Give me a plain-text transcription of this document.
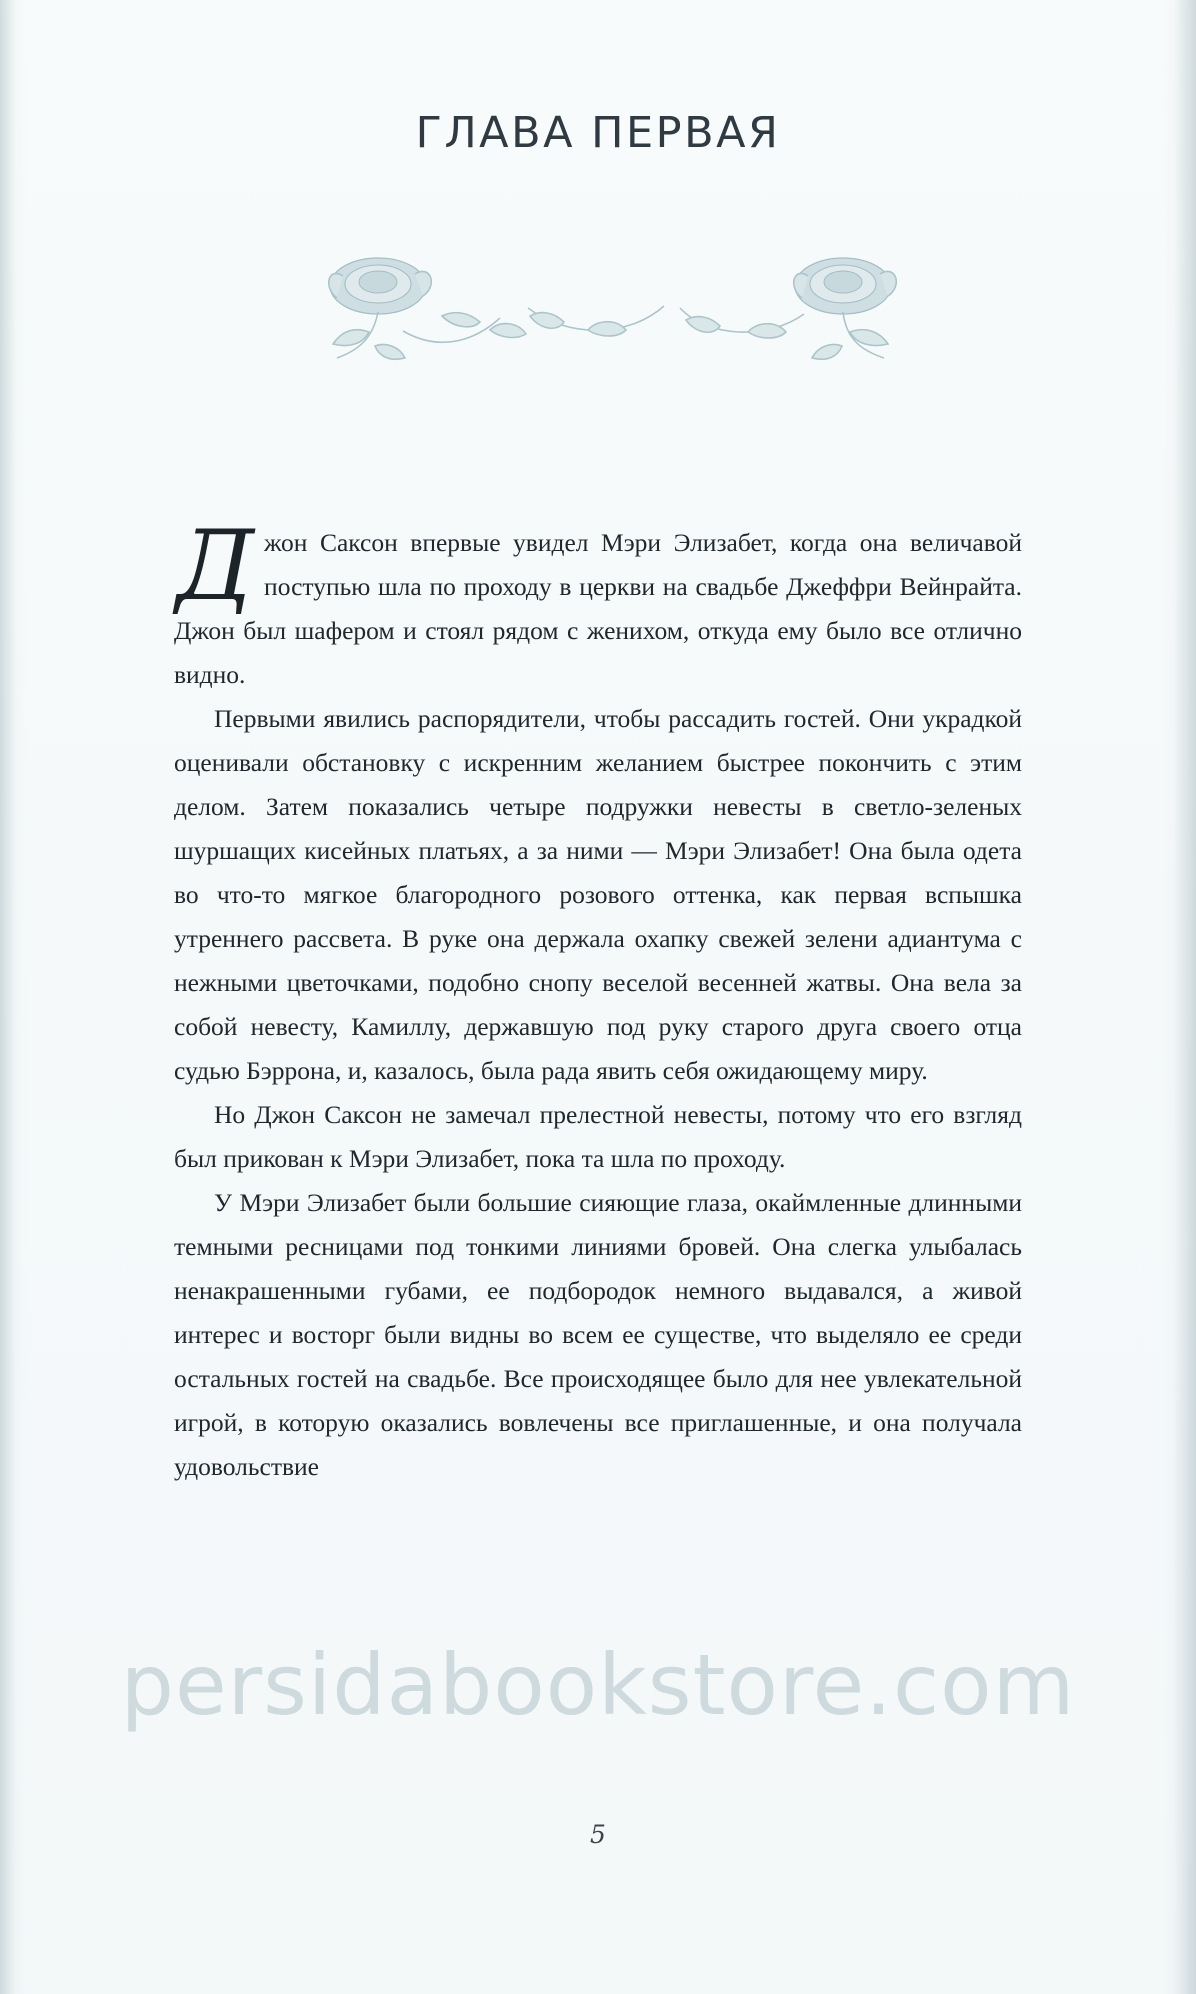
ГЛАВА ПЕРВАЯ

Джон Саксон впервые увидел Мэри Элизабет, когда она величавой поступью шла по проходу в церкви на свадьбе Джеффри Вейнрайта. Джон был шафером и стоял рядом с женихом, откуда ему было все отлично видно.

Первыми явились распорядители, чтобы рассадить гостей. Они украдкой оценивали обстановку с искренним желанием быстрее покончить с этим делом. Затем показались четыре подружки невесты в светло-зеленых шуршащих кисейных платьях, а за ними — Мэри Элизабет! Она была одета во что-то мягкое благородного розового оттенка, как первая вспышка утреннего рассвета. В руке она держала охапку свежей зелени адиантума с нежными цветочками, подобно снопу веселой весенней жатвы. Она вела за собой невесту, Камиллу, державшую под руку старого друга своего отца судью Бэррона, и, казалось, была рада явить себя ожидающему миру.

Но Джон Саксон не замечал прелестной невесты, потому что его взгляд был прикован к Мэри Элизабет, пока та шла по проходу.

У Мэри Элизабет были большие сияющие глаза, окаймленные длинными темными ресницами под тонкими линиями бровей. Она слегка улыбалась ненакрашенными губами, ее подбородок немного выдавался, а живой интерес и восторг были видны во всем ее существе, что выделяло ее среди остальных гостей на свадьбе. Все происходящее было для нее увлекательной игрой, в которую оказались вовлечены все приглашенные, и она получала удовольствие

persidabookstore.com
5
